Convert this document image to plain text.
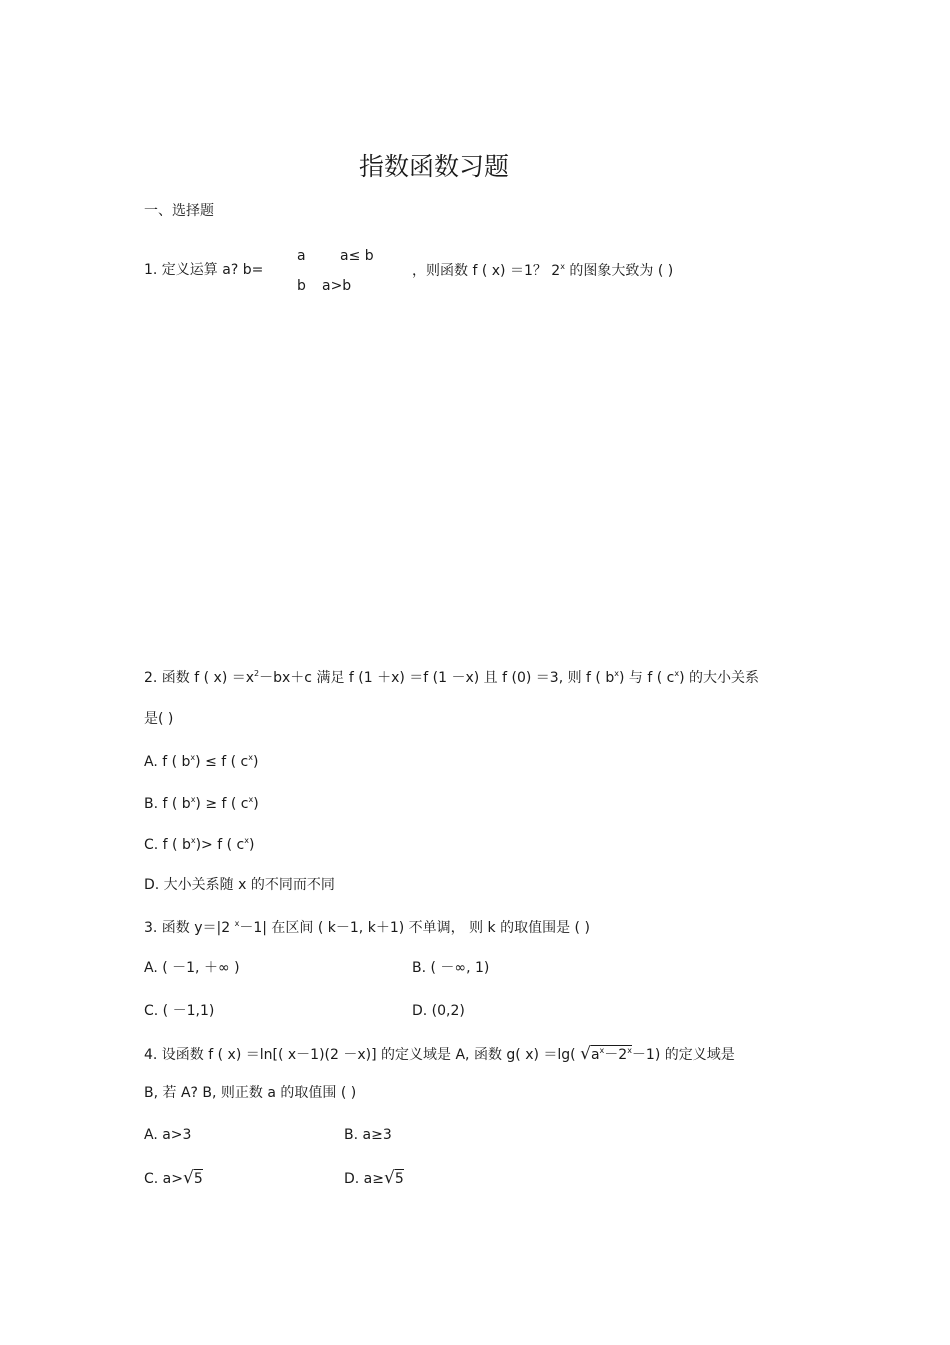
指数函数习题
一、选择题
1. 定义运算 a? b=
a a≤ b
b a>b
，则函数 f ( x) ＝1？ 2$^x$ 的图象大致为 ( )
2. 函数 f ( $x) =x^2-bx+c$ 满足 f (1 ＋x) ＝f (1 －x) 且 f (0) ＝3, 则 f ( $b^x$) 与 f ( $c^x$) 的大小关系
是( )
A. f ( $b^x) \le f$ ( $c^x$)
B. f ( $b^x) \ge f$ ( $c^x$)
C. f ( $b^x)> f$ ( $c^x$)
D. 大小关系随 x 的不同而不同
3. 函数 y＝|2 $^x$－1| 在区间 ( k－1, k＋1) 不单调， 则 k 的取值围是 ( )
A. ( －1, ＋∞ )	B. ( －∞, 1)
C. ( －1,1)	D. (0,2)
4. 设函数 f ( x) ＝ln[( x－1)(2 －x)] 的定义域是 A, 函数 g( x) ＝lg( $√a^x-2^x-1$) 的定义域是
B, 若 A? B, 则正数 a 的取值围 ( )
A. a>3	B. a≥3
C. a>√5	D. a≥√5
